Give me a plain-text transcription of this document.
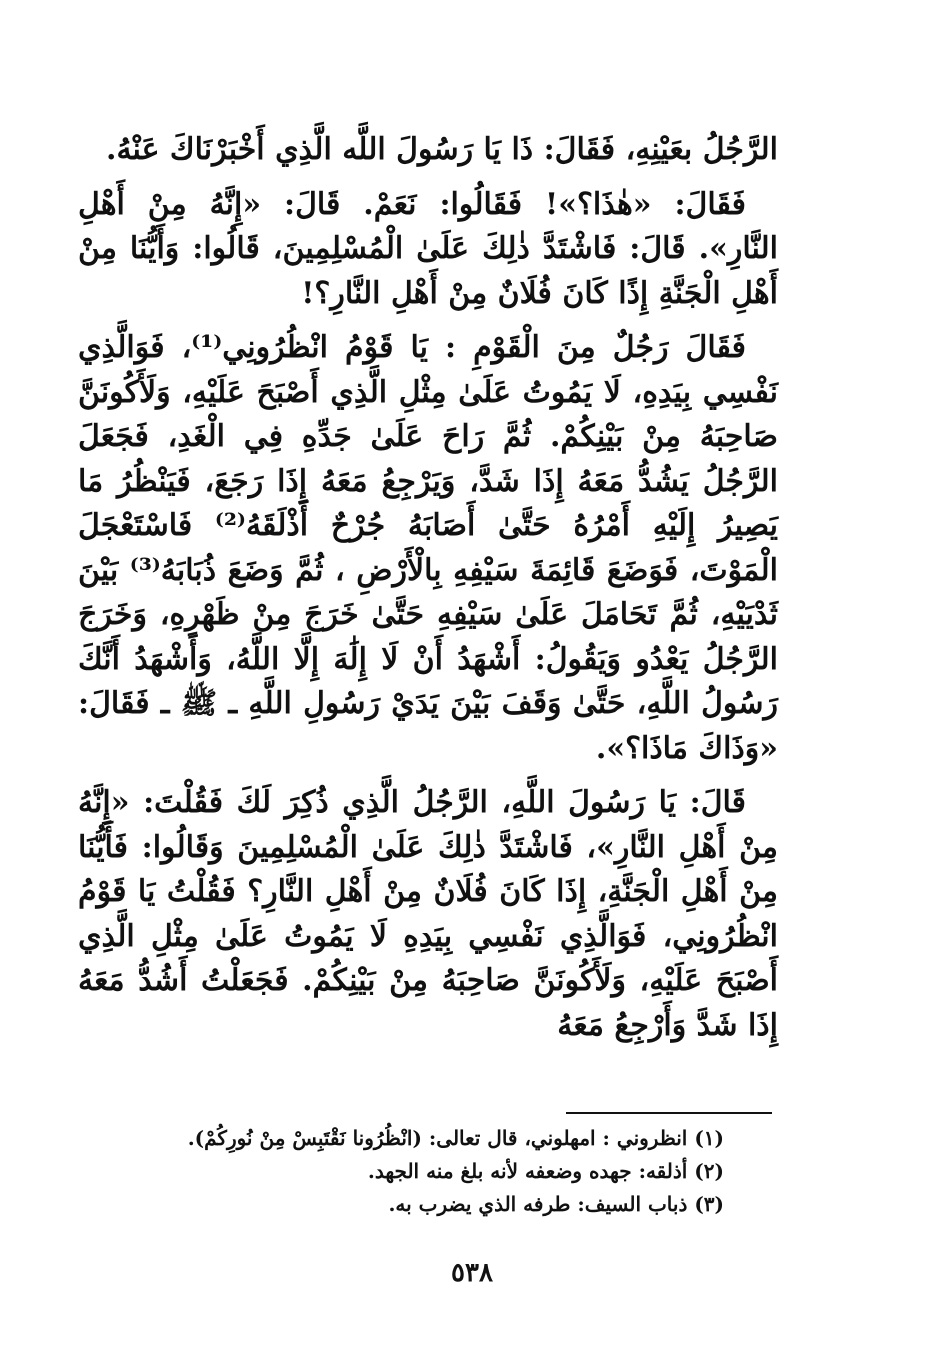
الرَّجُلُ بعَيْنِهِ، فَقَالَ: ذَا يَا رَسُولَ اللَّه الَّذِي أَخْبَرْنَاكَ عَنْهُ.

فَقَالَ: «هٰذَا؟»! فَقَالُوا: نَعَمْ. قَالَ: «إِنَّهُ مِنْ أَهْلِ النَّارِ». قَالَ: فَاشْتَدَّ ذٰلِكَ عَلَىٰ الْمُسْلِمِينَ، قَالُوا: وَأَيُّنَا مِنْ أَهْلِ الْجَنَّةِ إِذًا كَانَ فُلَانٌ مِنْ أَهْلِ النَّارِ؟!

فَقَالَ رَجُلٌ مِنَ الْقَوْمِ : يَا قَوْمُ انْظُرُونِي⁽¹⁾، فَوَالَّذِي نَفْسِي بِيَدِهِ، لَا يَمُوتُ عَلَىٰ مِثْلِ الَّذِي أَصْبَحَ عَلَيْهِ، وَلَأَكُونَنَّ صَاحِبَهُ مِنْ بَيْنِكُمْ. ثُمَّ رَاحَ عَلَىٰ جَدِّهِ فِي الْغَدِ، فَجَعَلَ الرَّجُلُ يَشُدُّ مَعَهُ إِذَا شَدَّ، وَيَرْجِعُ مَعَهُ إِذَا رَجَعَ، فَيَنْظُرُ مَا يَصِيرُ إِلَيْهِ أَمْرُهُ حَتَّىٰ أَصَابَهُ جُرْحٌ أَذْلَقَهُ⁽²⁾ فَاسْتَعْجَلَ الْمَوْتَ، فَوَضَعَ قَائِمَةَ سَيْفِهِ بِالْأَرْضِ ، ثُمَّ وَضَعَ ذُبَابَهُ⁽³⁾ بَيْنَ ثَدْيَيْهِ، ثُمَّ تَحَامَلَ عَلَىٰ سَيْفِهِ حَتَّىٰ خَرَجَ مِنْ ظَهْرِهِ، وَخَرَجَ الرَّجُلُ يَعْدُو وَيَقُولُ: أَشْهَدُ أَنْ لَا إِلَٰهَ إِلَّا اللَّهُ، وَأَشْهَدُ أَنَّكَ رَسُولُ اللَّهِ، حَتَّىٰ وَقَفَ بَيْنَ يَدَيْ رَسُولِ اللَّهِ ـ ﷺ ـ فَقَالَ: «وَذَاكَ مَاذَا؟».

قَالَ: يَا رَسُولَ اللَّهِ، الرَّجُلُ الَّذِي ذُكِرَ لَكَ فَقُلْتَ: «إِنَّهُ مِنْ أَهْلِ النَّارِ»، فَاشْتَدَّ ذٰلِكَ عَلَىٰ الْمُسْلِمِينَ وَقَالُوا: فَأَيُّنَا مِنْ أَهْلِ الْجَنَّةِ، إِذَا كَانَ فُلَانٌ مِنْ أَهْلِ النَّارِ؟ فَقُلْتُ يَا قَوْمُ انْظُرُونِي، فَوَالَّذِي نَفْسِي بِيَدِهِ لَا يَمُوتُ عَلَىٰ مِثْلِ الَّذِي أَصْبَحَ عَلَيْهِ، وَلَأَكُونَنَّ صَاحِبَهُ مِنْ بَيْنِكُمْ. فَجَعَلْتُ أَشُدُّ مَعَهُ إِذَا شَدَّ وَأَرْجِعُ مَعَهُ

(١) انظروني : امهلوني، قال تعالى: (انْظُرُونا نَقْتَبِسْ مِنْ نُورِكُمْ).

(٢) أذلقه: جهده وضعفه لأنه بلغ منه الجهد.

(٣) ذباب السيف: طرفه الذي يضرب به.

٥٣٨
